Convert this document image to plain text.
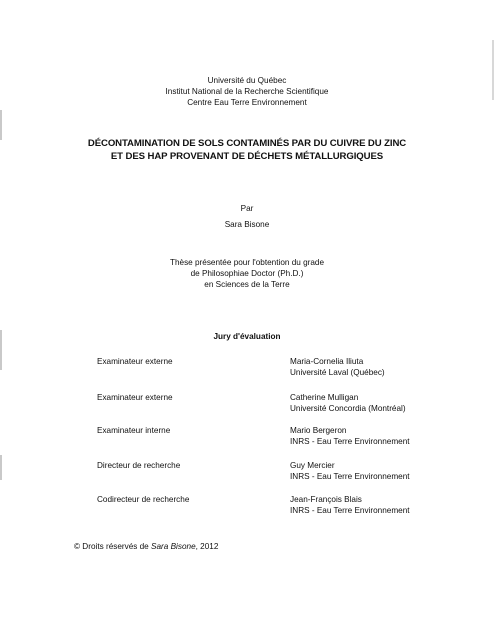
Université du Québec
Institut National de la Recherche Scientifique
Centre Eau Terre Environnement
DÉCONTAMINATION DE SOLS CONTAMINÉS PAR DU CUIVRE DU ZINC
ET DES HAP PROVENANT DE DÉCHETS MÉTALLURGIQUES
Par
Sara Bisone
Thèse présentée pour l'obtention du grade
de Philosophiae Doctor (Ph.D.)
en Sciences de la Terre
Jury d'évaluation
Examinateur externe	Maria-Cornelia Iliuta
Université Laval (Québec)
Examinateur externe	Catherine Mulligan
Université Concordia (Montréal)
Examinateur interne	Mario Bergeron
INRS - Eau Terre Environnement
Directeur de recherche	Guy Mercier
INRS - Eau Terre Environnement
Codirecteur de recherche	Jean-François Blais
INRS - Eau Terre Environnement
© Droits réservés de Sara Bisone, 2012
